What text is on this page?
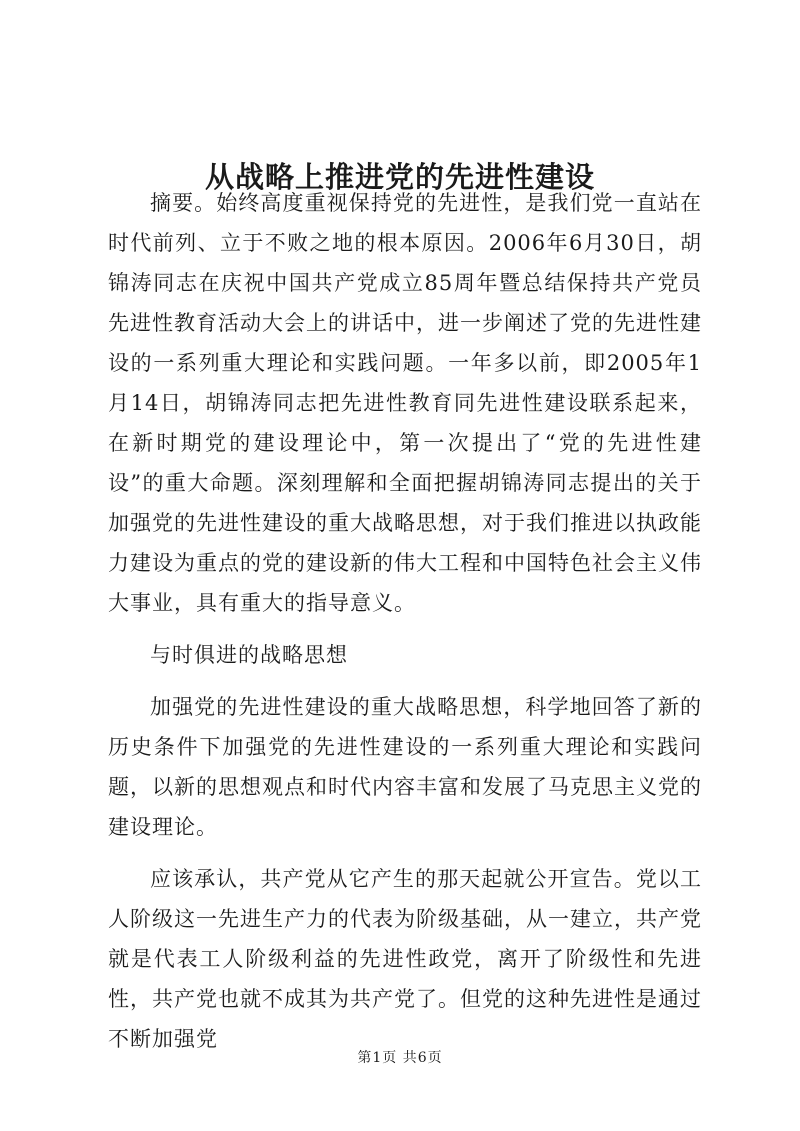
从战略上推进党的先进性建设

摘要。始终高度重视保持党的先进性，是我们党一直站在时代前列、立于不败之地的根本原因。2006年6月30日，胡锦涛同志在庆祝中国共产党成立85周年暨总结保持共产党员先进性教育活动大会上的讲话中，进一步阐述了党的先进性建设的一系列重大理论和实践问题。一年多以前，即2005年1月14日，胡锦涛同志把先进性教育同先进性建设联系起来，在新时期党的建设理论中，第一次提出了“党的先进性建设”的重大命题。深刻理解和全面把握胡锦涛同志提出的关于加强党的先进性建设的重大战略思想，对于我们推进以执政能力建设为重点的党的建设新的伟大工程和中国特色社会主义伟大事业，具有重大的指导意义。

与时俱进的战略思想

加强党的先进性建设的重大战略思想，科学地回答了新的历史条件下加强党的先进性建设的一系列重大理论和实践问题，以新的思想观点和时代内容丰富和发展了马克思主义党的建设理论。

应该承认，共产党从它产生的那天起就公开宣告。党以工人阶级这一先进生产力的代表为阶级基础，从一建立，共产党就是代表工人阶级利益的先进性政党，离开了阶级性和先进性，共产党也就不成其为共产党了。但党的这种先进性是通过不断加强党

第1页 共6页
